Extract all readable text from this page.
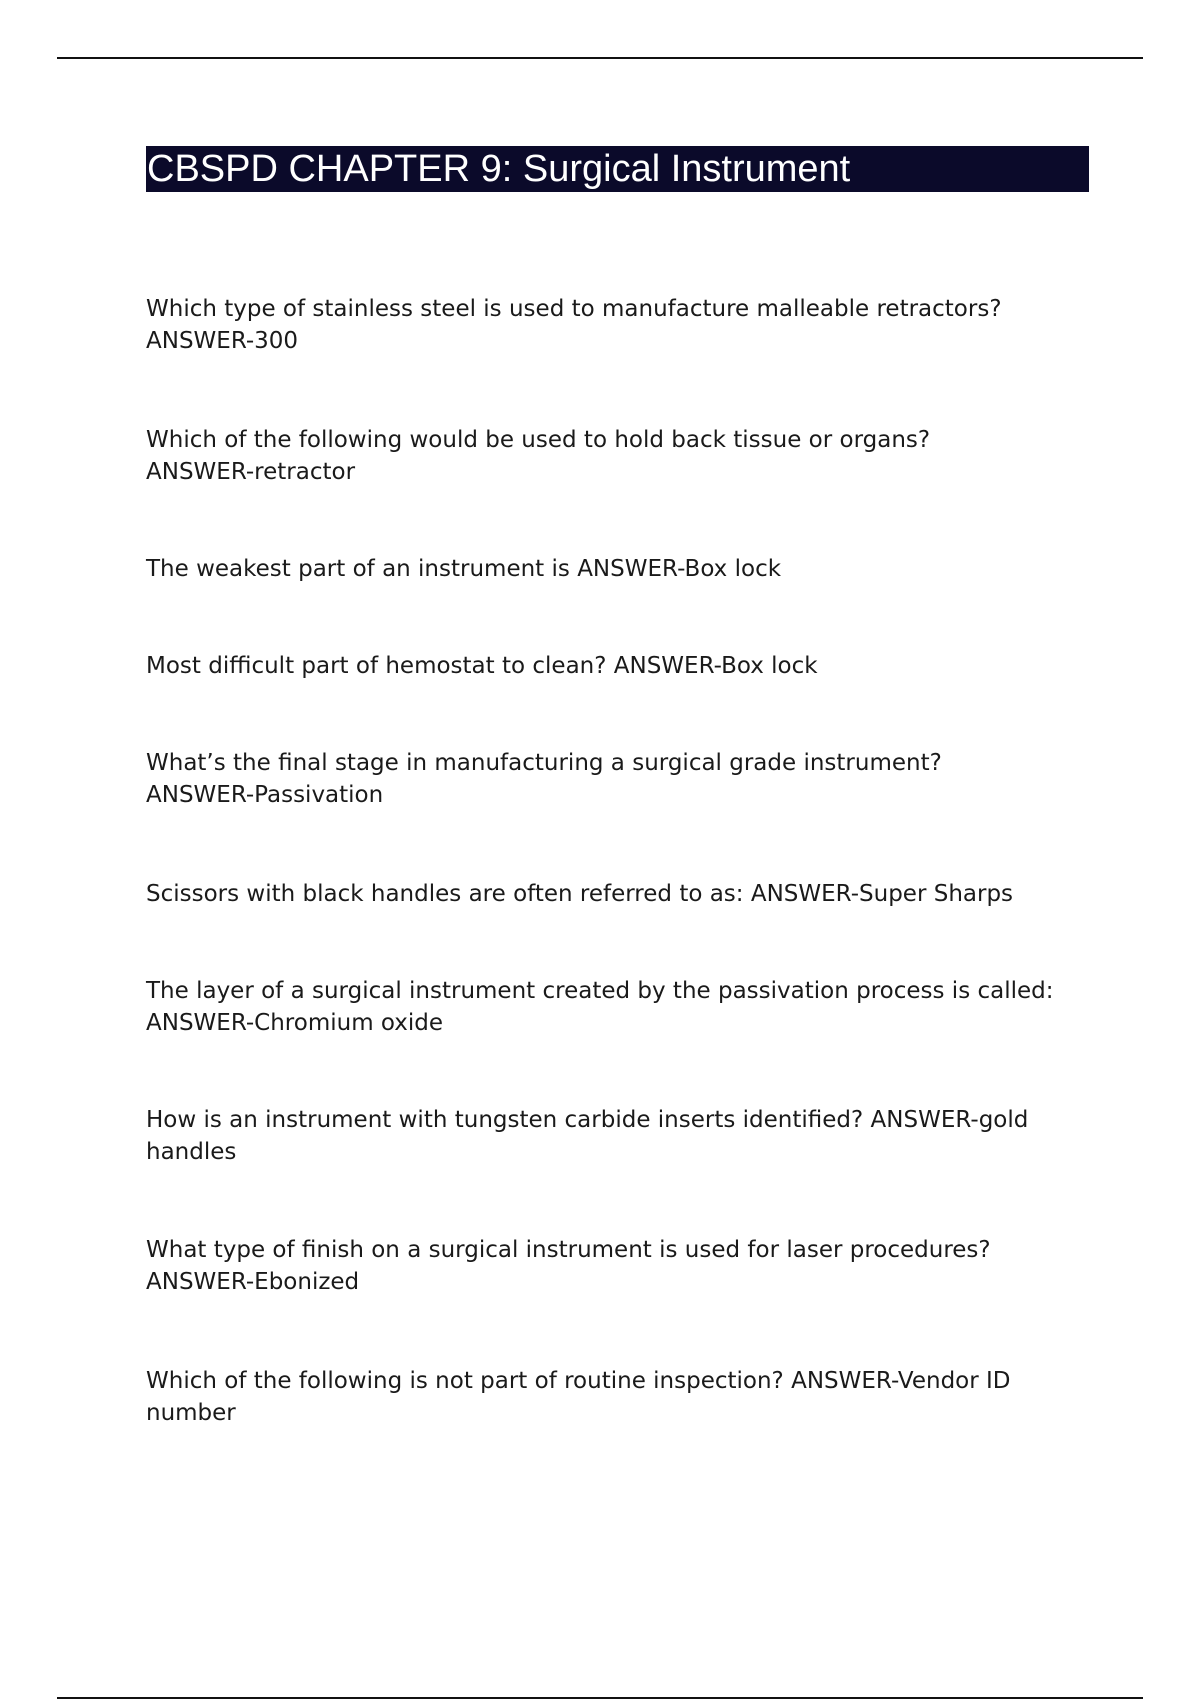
CBSPD CHAPTER 9: Surgical Instrument

Which type of stainless steel is used to manufacture malleable retractors?
ANSWER-300

Which of the following would be used to hold back tissue or organs?
ANSWER-retractor

The weakest part of an instrument is ANSWER-Box lock

Most difficult part of hemostat to clean? ANSWER-Box lock

What’s the final stage in manufacturing a surgical grade instrument?
ANSWER-Passivation

Scissors with black handles are often referred to as: ANSWER-Super Sharps

The layer of a surgical instrument created by the passivation process is called: ANSWER-Chromium oxide

How is an instrument with tungsten carbide inserts identified? ANSWER-gold handles

What type of finish on a surgical instrument is used for laser procedures?
ANSWER-Ebonized

Which of the following is not part of routine inspection? ANSWER-Vendor ID number
